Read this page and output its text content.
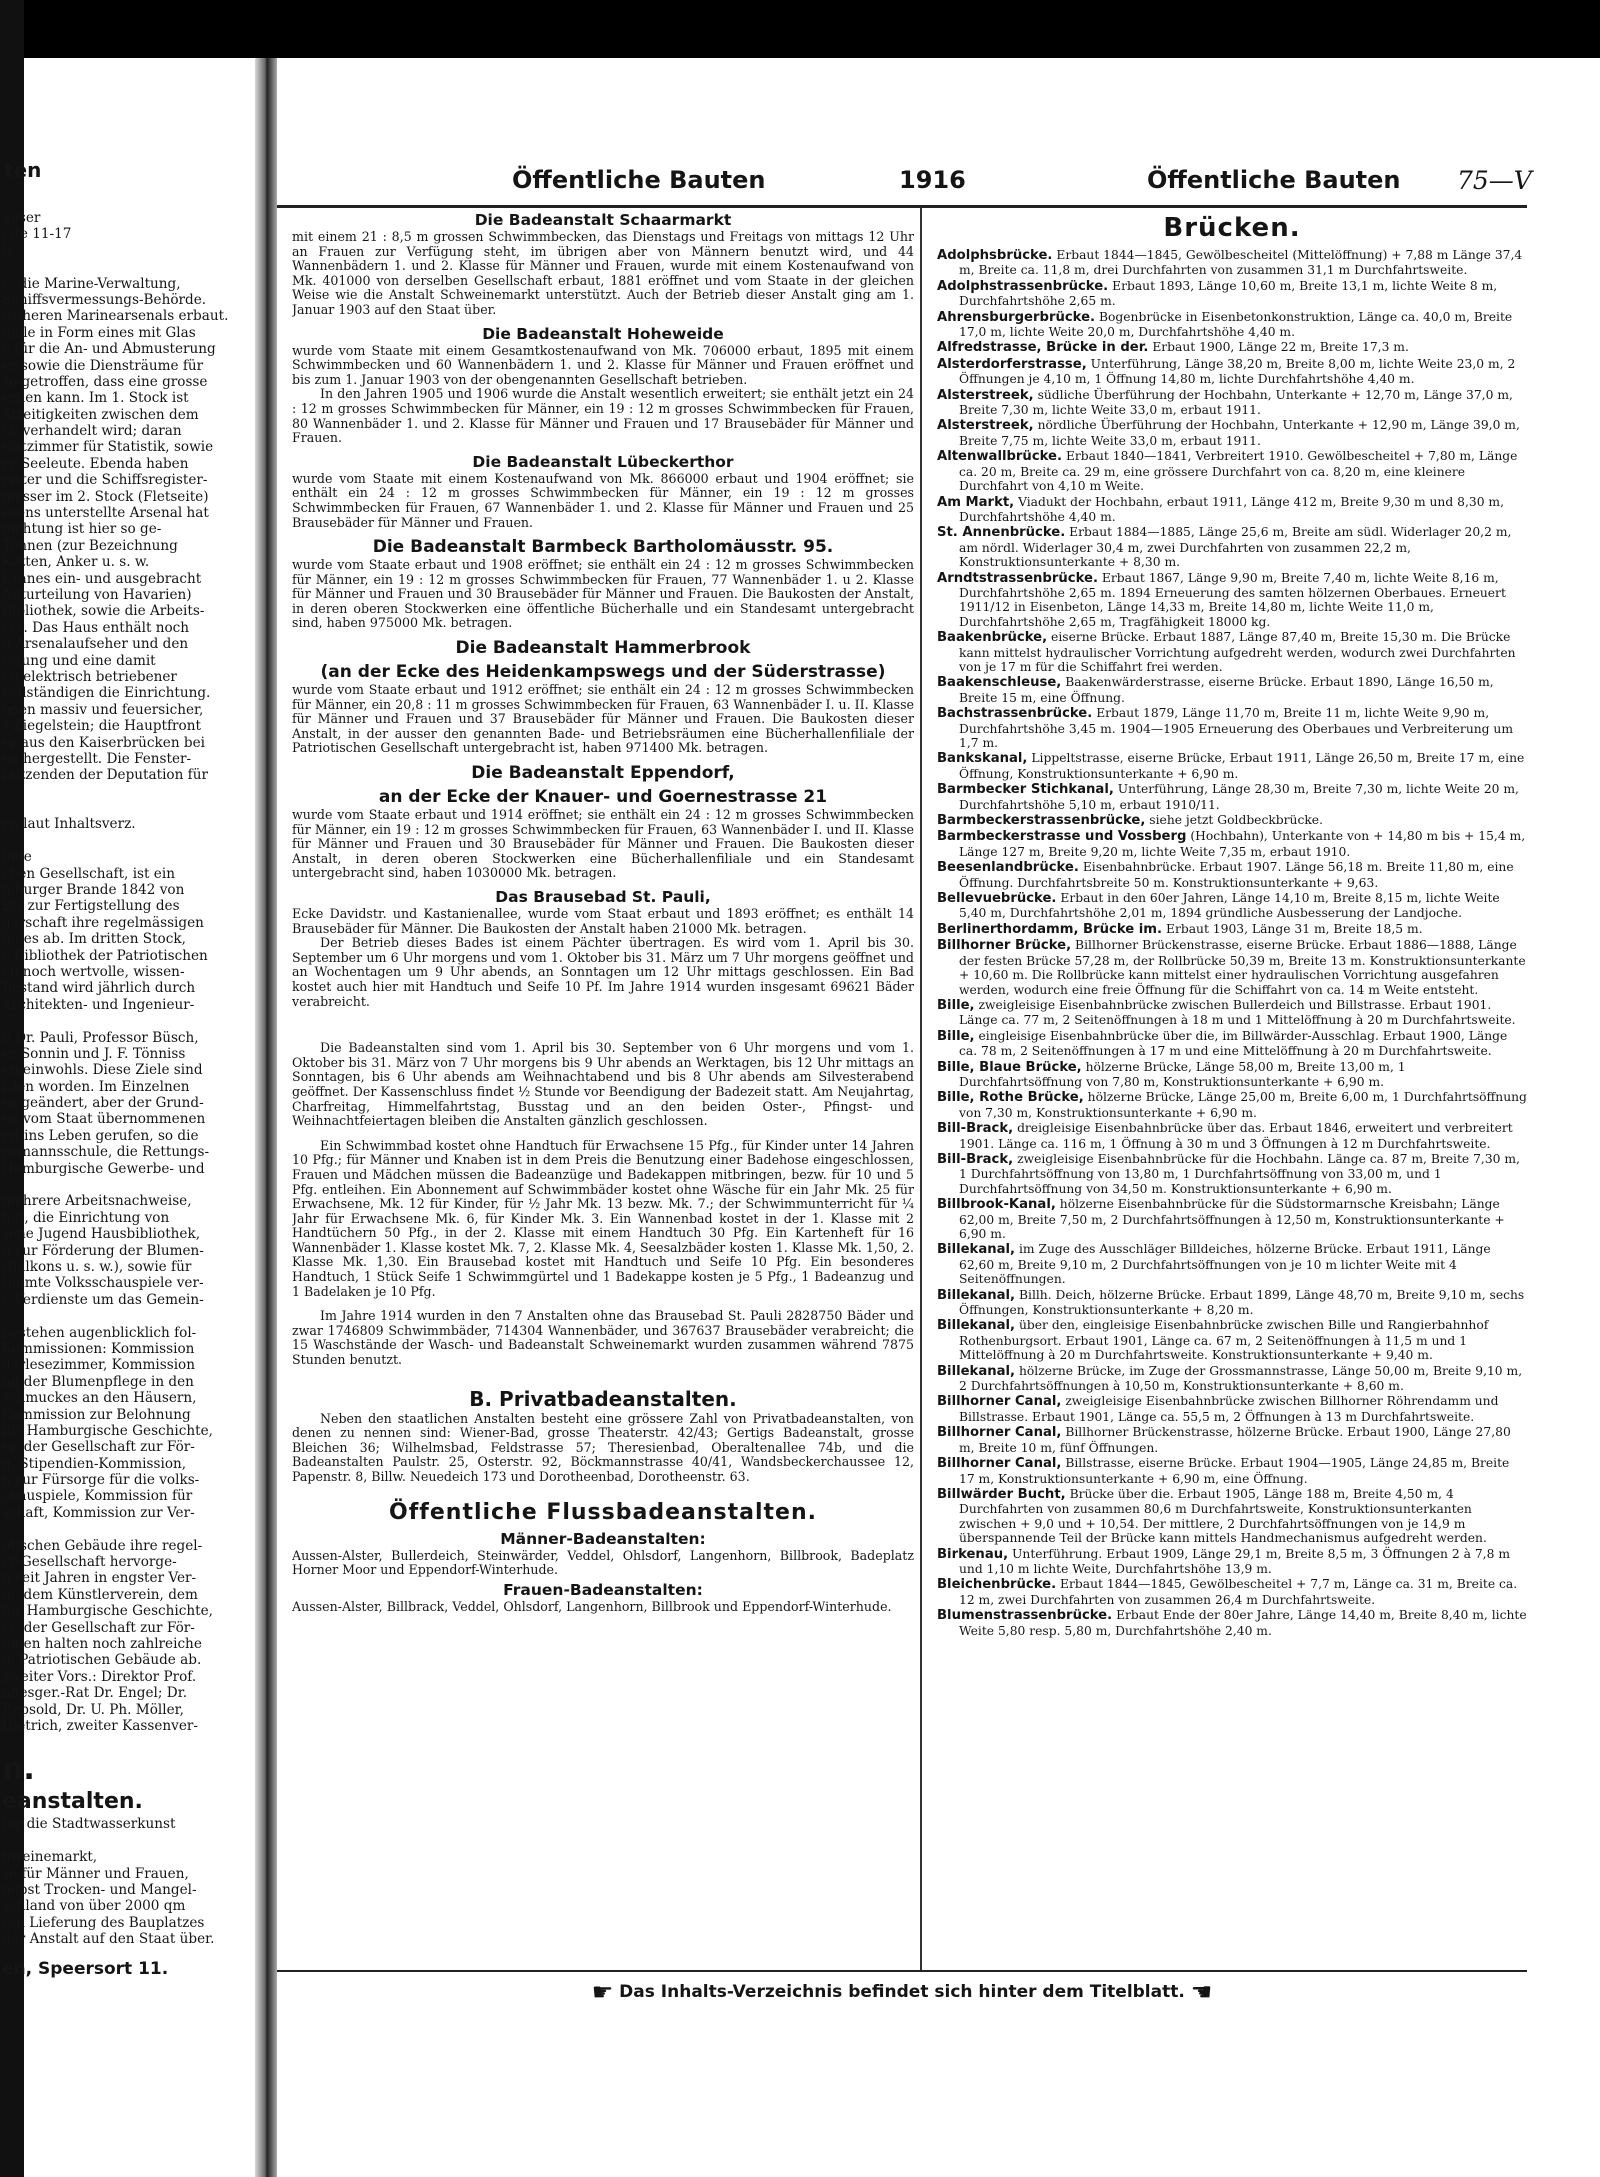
ten
äuser
eite 11-17
le
e, die Marine-Verwaltung,
Schiffsvermessungs-Behörde.
früheren Marinearsenals erbaut.
halle in Form eines mit Glas
e für die An- und Abmusterung
er sowie die Diensträume für
so getroffen, dass eine grosse
erden kann. Im 1. Stock ist
Streitigkeiten zwischen dem
ch verhandelt wird; daran
eistzimmer für Statistik, sowie
er Seeleute. Ebenda haben
eister und die Schiffsregister-
messer im 2. Stock (Fletseite)
esens unterstellte Arsenal hat
nichtung ist hier so ge-
Tonnen (zur Bezeichnung
Ketten, Anker u. s. w.
Kranes ein- und ausgebracht
Abturteilung von Havarien)
Bibliothek, sowie die Arbeits-
ers. Das Haus enthält noch
n Arsenalaufseher und den
eizung und eine damit
en elektrisch betriebener
vollständigen die Einrichtung.
onen massiv und feuersicher,
s Ziegelstein; die Hauptfront
er aus den Kaiserbrücken bei
en hergestellt. Die Fenster-
rsitzenden der Deputation für
en laut Inhaltsverz.
iude
chen Gesellschaft, ist ein
mburger Brande 1842 von
Bis zur Fertigstellung des
gerschaft ihre regelmässigen
iudes ab. Im dritten Stock,
e Bibliothek der Patriotischen
ch noch wertvolle, wissen-
Bestand wird jährlich durch
Architekten- und Ingenieur-
n Dr. Pauli, Professor Büsch,
er Sonnin und J. F. Tönniss
emeinwohls. Diese Ziele sind
rden worden. Im Einzelnen
es geändert, aber der Grund-
en vom Staat übernommenen
eit ins Leben gerufen, so die
eemannsschule, die Rettungs-
Hamburgische Gewerbe- und
mehrere Arbeitsnachweise,
hat, die Einrichtung von
sene Jugend Hausbibliothek,
n zur Förderung der Blumen-
(Balkons u. s. w.), sowie für
timmte Volksschauspiele ver-
e Verdienste um das Gemein-
bestehen augenblicklich fol-
Kommissionen: Kommission
derlesezimmer, Kommission
ng der Blumenpflege in den
schmuckes an den Häusern,
Kommission zur Belohnung
für Hamburgische Geschichte,
er, der Gesellschaft zur För-
g, Stipendien-Kommission,
n zur Fürsorge für die volks-
chauspiele, Kommission für
schaft, Kommission zur Ver-
otischen Gebäude ihre regel-
er Gesellschaft hervorge-
n seit Jahren in engster Ver-
m, dem Künstlerverein, dem
für Hamburgische Geschichte,
er, der Gesellschaft zur För-
nmen halten noch zahlreiche
m Patriotischen Gebäude ab.
zweiter Vors.: Direktor Prof.
ndesger.-Rat Dr. Engel; Dr.
Repsold, Dr. U. Ph. Möller,
Dietrich, zweiter Kassenver-
n.
eanstalten.
für die Stadtwasserkunst
hweinemarkt,
se für Männer und Frauen,
nebst Trocken- und Mangel-
schland von über 2000 qm
rch Lieferung des Bauplatzes
der Anstalt auf den Staat über.
en, Speersort 11.
Öffentliche Bauten	1916	Öffentliche Bauten 75—V
Die Badeanstalt Schaarmarkt

mit einem 21 : 8,5 m grossen Schwimmbecken, das Dienstags und Freitags von mittags 12 Uhr an Frauen zur Verfügung steht, im übrigen aber von Männern benutzt wird, und 44 Wannenbädern 1. und 2. Klasse für Männer und Frauen, wurde mit einem Kostenaufwand von Mk. 401000 von derselben Gesellschaft erbaut, 1881 eröffnet und vom Staate in der gleichen Weise wie die Anstalt Schweinemarkt unterstützt. Auch der Betrieb dieser Anstalt ging am 1. Januar 1903 auf den Staat über.

Die Badeanstalt Hoheweide

wurde vom Staate mit einem Gesamtkostenaufwand von Mk. 706000 erbaut, 1895 mit einem Schwimmbecken und 60 Wannenbädern 1. und 2. Klasse für Männer und Frauen eröffnet und bis zum 1. Januar 1903 von der obengenannten Gesellschaft betrieben.

In den Jahren 1905 und 1906 wurde die Anstalt wesentlich erweitert; sie enthält jetzt ein 24 : 12 m grosses Schwimmbecken für Männer, ein 19 : 12 m grosses Schwimmbecken für Frauen, 80 Wannenbäder 1. und 2. Klasse für Männer und Frauen und 17 Brausebäder für Männer und Frauen.

Die Badeanstalt Lübeckerthor

wurde vom Staate mit einem Kostenaufwand von Mk. 866000 erbaut und 1904 eröffnet; sie enthält ein 24 : 12 m grosses Schwimmbecken für Männer, ein 19 : 12 m grosses Schwimmbecken für Frauen, 67 Wannenbäder 1. und 2. Klasse für Männer und Frauen und 25 Brausebäder für Männer und Frauen.

Die Badeanstalt Barmbeck Bartholomäusstr. 95.

wurde vom Staate erbaut und 1908 eröffnet; sie enthält ein 24 : 12 m grosses Schwimmbecken für Männer, ein 19 : 12 m grosses Schwimmbecken für Frauen, 77 Wannenbäder 1. u 2. Klasse für Männer und Frauen und 30 Brausebäder für Männer und Frauen. Die Baukosten der Anstalt, in deren oberen Stockwerken eine öffentliche Bücherhalle und ein Standesamt untergebracht sind, haben 975000 Mk. betragen.

Die Badeanstalt Hammerbrook
(an der Ecke des Heidenkampswegs und der Süderstrasse)

wurde vom Staate erbaut und 1912 eröffnet; sie enthält ein 24 : 12 m grosses Schwimmbecken für Männer, ein 20,8 : 11 m grosses Schwimmbecken für Frauen, 63 Wannenbäder I. u. II. Klasse für Männer und Frauen und 37 Brausebäder für Männer und Frauen. Die Baukosten dieser Anstalt, in der ausser den genannten Bade- und Betriebsräumen eine Bücherhallenfiliale der Patriotischen Gesellschaft untergebracht ist, haben 971400 Mk. betragen.

Die Badeanstalt Eppendorf,
an der Ecke der Knauer- und Goernestrasse 21

wurde vom Staate erbaut und 1914 eröffnet; sie enthält ein 24 : 12 m grosses Schwimmbecken für Männer, ein 19 : 12 m grosses Schwimmbecken für Frauen, 63 Wannenbäder I. und II. Klasse für Männer und Frauen und 30 Brausebäder für Männer und Frauen. Die Baukosten dieser Anstalt, in deren oberen Stockwerken eine Bücherhallenfiliale und ein Standesamt untergebracht sind, haben 1030000 Mk. betragen.

Das Brausebad St. Pauli,

Ecke Davidstr. und Kastanienallee, wurde vom Staat erbaut und 1893 eröffnet; es enthält 14 Brausebäder für Männer. Die Baukosten der Anstalt haben 21000 Mk. betragen.

Der Betrieb dieses Bades ist einem Pächter übertragen. Es wird vom 1. April bis 30. September um 6 Uhr morgens und vom 1. Oktober bis 31. März um 7 Uhr morgens geöffnet und an Wochentagen um 9 Uhr abends, an Sonntagen um 12 Uhr mittags geschlossen. Ein Bad kostet auch hier mit Handtuch und Seife 10 Pf. Im Jahre 1914 wurden insgesamt 69621 Bäder verabreicht.

Die Badeanstalten sind vom 1. April bis 30. September von 6 Uhr morgens und vom 1. Oktober bis 31. März von 7 Uhr morgens bis 9 Uhr abends an Werktagen, bis 12 Uhr mittags an Sonntagen, bis 6 Uhr abends am Weihnachtabend und bis 8 Uhr abends am Silvesterabend geöffnet. Der Kassenschluss findet ½ Stunde vor Beendigung der Badezeit statt. Am Neujahrtag, Charfreitag, Himmelfahrtstag, Busstag und an den beiden Oster-, Pfingst- und Weihnachtfeiertagen bleiben die Anstalten gänzlich geschlossen.

Ein Schwimmbad kostet ohne Handtuch für Erwachsene 15 Pfg., für Kinder unter 14 Jahren 10 Pfg.; für Männer und Knaben ist in dem Preis die Benutzung einer Badehose eingeschlossen, Frauen und Mädchen müssen die Badeanzüge und Badekappen mitbringen, bezw. für 10 und 5 Pfg. entleihen. Ein Abonnement auf Schwimmbäder kostet ohne Wäsche für ein Jahr Mk. 25 für Erwachsene, Mk. 12 für Kinder, für ½ Jahr Mk. 13 bezw. Mk. 7.; der Schwimmunterricht für ¼ Jahr für Erwachsene Mk. 6, für Kinder Mk. 3. Ein Wannenbad kostet in der 1. Klasse mit 2 Handtüchern 50 Pfg., in der 2. Klasse mit einem Handtuch 30 Pfg. Ein Kartenheft für 16 Wannenbäder 1. Klasse kostet Mk. 7, 2. Klasse Mk. 4, Seesalzbäder kosten 1. Klasse Mk. 1,50, 2. Klasse Mk. 1,30. Ein Brausebad kostet mit Handtuch und Seife 10 Pfg. Ein besonderes Handtuch, 1 Stück Seife 1 Schwimmgürtel und 1 Badekappe kosten je 5 Pfg., 1 Badeanzug und 1 Badelaken je 10 Pfg.

Im Jahre 1914 wurden in den 7 Anstalten ohne das Brausebad St. Pauli 2828750 Bäder und zwar 1746809 Schwimmbäder, 714304 Wannenbäder, und 367637 Brausebäder verabreicht; die 15 Waschstände der Wasch- und Badeanstalt Schweinemarkt wurden zusammen während 7875 Stunden benutzt.

B. Privatbadeanstalten.

Neben den staatlichen Anstalten besteht eine grössere Zahl von Privatbadeanstalten, von denen zu nennen sind: Wiener-Bad, grosse Theaterstr. 42/43; Gertigs Badeanstalt, grosse Bleichen 36; Wilhelmsbad, Feldstrasse 57; Theresienbad, Oberaltenallee 74b, und die Badeanstalten Paulstr. 25, Osterstr. 92, Böckmannstrasse 40/41, Wandsbeckerchaussee 12, Papenstr. 8, Billw. Neuedeich 173 und Dorotheenbad, Dorotheenstr. 63.

Öffentliche Flussbadeanstalten.
Männer-Badeanstalten:

Aussen-Alster, Bullerdeich, Steinwärder, Veddel, Ohlsdorf, Langenhorn, Billbrook, Badeplatz Horner Moor und Eppendorf-Winterhude.

Frauen-Badeanstalten:

Aussen-Alster, Billbrack, Veddel, Ohlsdorf, Langenhorn, Billbrook und Eppendorf-Winterhude.

Brücken.

Adolphsbrücke. Erbaut 1844—1845, Gewölbescheitel (Mittelöffnung) + 7,88 m Länge 37,4 m, Breite ca. 11,8 m, drei Durchfahrten von zusammen 31,1 m Durchfahrtsweite.

Adolphstrassenbrücke. Erbaut 1893, Länge 10,60 m, Breite 13,1 m, lichte Weite 8 m, Durchfahrtshöhe 2,65 m.

Ahrensburgerbrücke. Bogenbrücke in Eisenbetonkonstruktion, Länge ca. 40,0 m, Breite 17,0 m, lichte Weite 20,0 m, Durchfahrtshöhe 4,40 m.

Alfredstrasse, Brücke in der. Erbaut 1900, Länge 22 m, Breite 17,3 m.

Alsterdorferstrasse, Unterführung, Länge 38,20 m, Breite 8,00 m, lichte Weite 23,0 m, 2 Öffnungen je 4,10 m, 1 Öffnung 14,80 m, lichte Durchfahrtshöhe 4,40 m.

Alsterstreek, südliche Überführung der Hochbahn, Unterkante + 12,70 m, Länge 37,0 m, Breite 7,30 m, lichte Weite 33,0 m, erbaut 1911.

Alsterstreek, nördliche Überführung der Hochbahn, Unterkante + 12,90 m, Länge 39,0 m, Breite 7,75 m, lichte Weite 33,0 m, erbaut 1911.

Altenwallbrücke. Erbaut 1840—1841, Verbreitert 1910. Gewölbescheitel + 7,80 m, Länge ca. 20 m, Breite ca. 29 m, eine grössere Durchfahrt von ca. 8,20 m, eine kleinere Durchfahrt von 4,10 m Weite.

Am Markt, Viadukt der Hochbahn, erbaut 1911, Länge 412 m, Breite 9,30 m und 8,30 m, Durchfahrtshöhe 4,40 m.

St. Annenbrücke. Erbaut 1884—1885, Länge 25,6 m, Breite am südl. Widerlager 20,2 m, am nördl. Widerlager 30,4 m, zwei Durchfahrten von zusammen 22,2 m, Konstruktionsunterkante + 8,30 m.

Arndtstrassenbrücke. Erbaut 1867, Länge 9,90 m, Breite 7,40 m, lichte Weite 8,16 m, Durchfahrtshöhe 2,65 m. 1894 Erneuerung des samten hölzernen Oberbaues. Erneuert 1911/12 in Eisenbeton, Länge 14,33 m, Breite 14,80 m, lichte Weite 11,0 m, Durchfahrtshöhe 2,65 m, Tragfähigkeit 18000 kg.

Baakenbrücke, eiserne Brücke. Erbaut 1887, Länge 87,40 m, Breite 15,30 m. Die Brücke kann mittelst hydraulischer Vorrichtung aufgedreht werden, wodurch zwei Durchfahrten von je 17 m für die Schiffahrt frei werden.

Baakenschleuse, Baakenwärderstrasse, eiserne Brücke. Erbaut 1890, Länge 16,50 m, Breite 15 m, eine Öffnung.

Bachstrassenbrücke. Erbaut 1879, Länge 11,70 m, Breite 11 m, lichte Weite 9,90 m, Durchfahrtshöhe 3,45 m. 1904—1905 Erneuerung des Oberbaues und Verbreiterung um 1,7 m.

Bankskanal, Lippeltstrasse, eiserne Brücke, Erbaut 1911, Länge 26,50 m, Breite 17 m, eine Öffnung, Konstruktionsunterkante + 6,90 m.

Barmbecker Stichkanal, Unterführung, Länge 28,30 m, Breite 7,30 m, lichte Weite 20 m, Durchfahrtshöhe 5,10 m, erbaut 1910/11.

Barmbeckerstrassenbrücke, siehe jetzt Goldbeckbrücke.

Barmbeckerstrasse und Vossberg (Hochbahn), Unterkante von + 14,80 m bis + 15,4 m, Länge 127 m, Breite 9,20 m, lichte Weite 7,35 m, erbaut 1910.

Beesenlandbrücke. Eisenbahnbrücke. Erbaut 1907. Länge 56,18 m. Breite 11,80 m, eine Öffnung. Durchfahrtsbreite 50 m. Konstruktionsunterkante + 9,63.

Bellevuebrücke. Erbaut in den 60er Jahren, Länge 14,10 m, Breite 8,15 m, lichte Weite 5,40 m, Durchfahrtshöhe 2,01 m, 1894 gründliche Ausbesserung der Landjoche.

Berlinerthordamm, Brücke im. Erbaut 1903, Länge 31 m, Breite 18,5 m.

Billhorner Brücke, Billhorner Brückenstrasse, eiserne Brücke. Erbaut 1886—1888, Länge der festen Brücke 57,28 m, der Rollbrücke 50,39 m, Breite 13 m. Konstruktionsunterkante + 10,60 m. Die Rollbrücke kann mittelst einer hydraulischen Vorrichtung ausgefahren werden, wodurch eine freie Öffnung für die Schiffahrt von ca. 14 m Weite entsteht.

Bille, zweigleisige Eisenbahnbrücke zwischen Bullerdeich und Billstrasse. Erbaut 1901. Länge ca. 77 m, 2 Seitenöffnungen à 18 m und 1 Mittelöffnung à 20 m Durchfahrtsweite.

Bille, eingleisige Eisenbahnbrücke über die, im Billwärder-Ausschlag. Erbaut 1900, Länge ca. 78 m, 2 Seitenöffnungen à 17 m und eine Mittelöffnung à 20 m Durchfahrtsweite.

Bille, Blaue Brücke, hölzerne Brücke, Länge 58,00 m, Breite 13,00 m, 1 Durchfahrtsöffnung von 7,80 m, Konstruktionsunterkante + 6,90 m.

Bille, Rothe Brücke, hölzerne Brücke, Länge 25,00 m, Breite 6,00 m, 1 Durchfahrtsöffnung von 7,30 m, Konstruktionsunterkante + 6,90 m.

Bill-Brack, dreigleisige Eisenbahnbrücke über das. Erbaut 1846, erweitert und verbreitert 1901. Länge ca. 116 m, 1 Öffnung à 30 m und 3 Öffnungen à 12 m Durchfahrtsweite.

Bill-Brack, zweigleisige Eisenbahnbrücke für die Hochbahn. Länge ca. 87 m, Breite 7,30 m, 1 Durchfahrtsöffnung von 13,80 m, 1 Durchfahrtsöffnung von 33,00 m, und 1 Durchfahrtsöffnung von 34,50 m. Konstruktionsunterkante + 6,90 m.

Billbrook-Kanal, hölzerne Eisenbahnbrücke für die Südstormarnsche Kreisbahn; Länge 62,00 m, Breite 7,50 m, 2 Durchfahrtsöffnungen à 12,50 m, Konstruktionsunterkante + 6,90 m.

Billekanal, im Zuge des Ausschläger Billdeiches, hölzerne Brücke. Erbaut 1911, Länge 62,60 m, Breite 9,10 m, 2 Durchfahrtsöffnungen von je 10 m lichter Weite mit 4 Seitenöffnungen.

Billekanal, Billh. Deich, hölzerne Brücke. Erbaut 1899, Länge 48,70 m, Breite 9,10 m, sechs Öffnungen, Konstruktionsunterkante + 8,20 m.

Billekanal, über den, eingleisige Eisenbahnbrücke zwischen Bille und Rangierbahnhof Rothenburgsort. Erbaut 1901, Länge ca. 67 m, 2 Seitenöffnungen à 11,5 m und 1 Mittelöffnung à 20 m Durchfahrtsweite. Konstruktionsunterkante + 9,40 m.

Billekanal, hölzerne Brücke, im Zuge der Grossmannstrasse, Länge 50,00 m, Breite 9,10 m, 2 Durchfahrtsöffnungen à 10,50 m, Konstruktionsunterkante + 8,60 m.

Billhorner Canal, zweigleisige Eisenbahnbrücke zwischen Billhorner Röhrendamm und Billstrasse. Erbaut 1901, Länge ca. 55,5 m, 2 Öffnungen à 13 m Durchfahrtsweite.

Billhorner Canal, Billhorner Brückenstrasse, hölzerne Brücke. Erbaut 1900, Länge 27,80 m, Breite 10 m, fünf Öffnungen.

Billhorner Canal, Billstrasse, eiserne Brücke. Erbaut 1904—1905, Länge 24,85 m, Breite 17 m, Konstruktionsunterkante + 6,90 m, eine Öffnung.

Billwärder Bucht, Brücke über die. Erbaut 1905, Länge 188 m, Breite 4,50 m, 4 Durchfahrten von zusammen 80,6 m Durchfahrtsweite, Konstruktionsunterkanten zwischen + 9,0 und + 10,54. Der mittlere, 2 Durchfahrtsöffnungen von je 14,9 m überspannende Teil der Brücke kann mittels Handmechanismus aufgedreht werden.

Birkenau, Unterführung. Erbaut 1909, Länge 29,1 m, Breite 8,5 m, 3 Öffnungen 2 à 7,8 m und 1,10 m lichte Weite, Durchfahrtshöhe 13,9 m.

Bleichenbrücke. Erbaut 1844—1845, Gewölbescheitel + 7,7 m, Länge ca. 31 m, Breite ca. 12 m, zwei Durchfahrten von zusammen 26,4 m Durchfahrtsweite.

Blumenstrassenbrücke. Erbaut Ende der 80er Jahre, Länge 14,40 m, Breite 8,40 m, lichte Weite 5,80 resp. 5,80 m, Durchfahrtshöhe 2,40 m.

☛ Das Inhalts-Verzeichnis befindet sich hinter dem Titelblatt. ☚
